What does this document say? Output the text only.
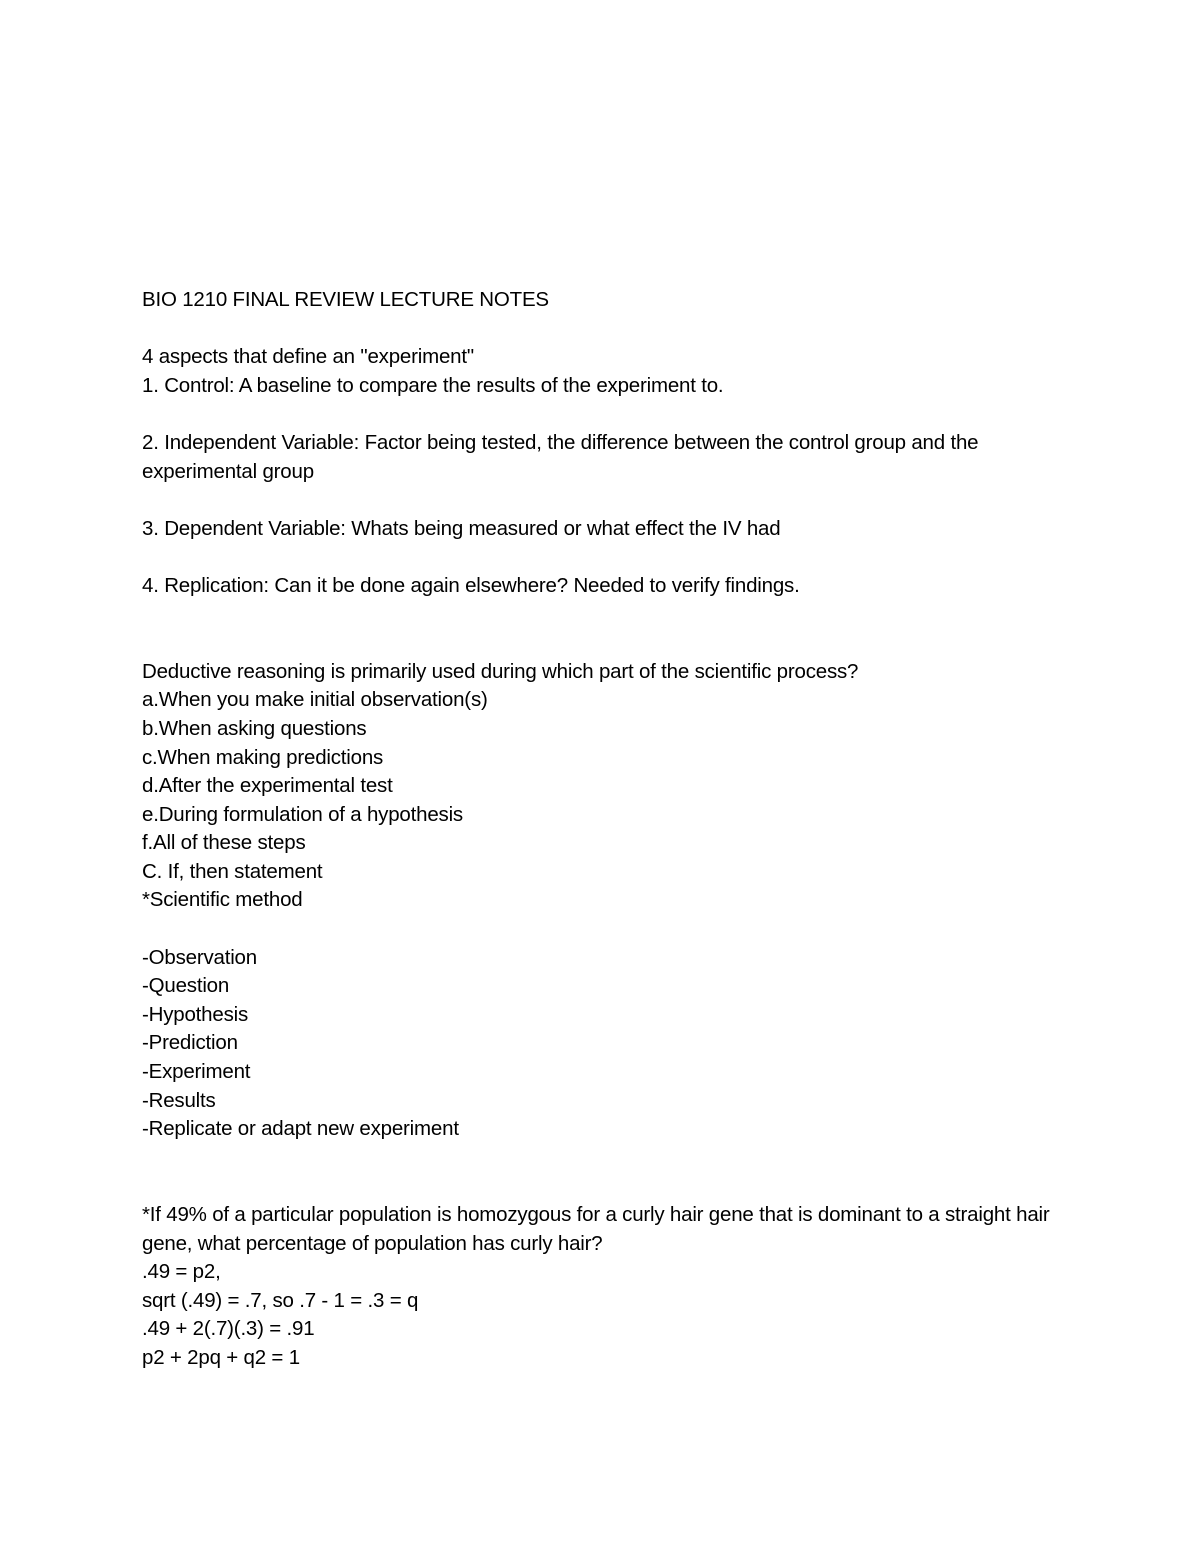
BIO 1210 FINAL REVIEW LECTURE NOTES
4 aspects that define an "experiment"
1. Control: A baseline to compare the results of the experiment to.
2. Independent Variable: Factor being tested, the difference between the control group and the experimental group
3. Dependent Variable: Whats being measured or what effect the IV had
4. Replication: Can it be done again elsewhere? Needed to verify findings.
Deductive reasoning is primarily used during which part of the scientific process?
a.When you make initial observation(s)
b.When asking questions
c.When making predictions
d.After the experimental test
e.During formulation of a hypothesis
f.All of these steps
C. If, then statement
*Scientific method
-Observation
-Question
-Hypothesis
-Prediction
-Experiment
-Results
-Replicate or adapt new experiment
*If 49% of a particular population is homozygous for a curly hair gene that is dominant to a straight hair gene, what percentage of population has curly hair?
.49 = p2,
sqrt (.49) = .7, so .7 - 1 = .3 = q
.49 + 2(.7)(.3) = .91
p2 + 2pq + q2 = 1
